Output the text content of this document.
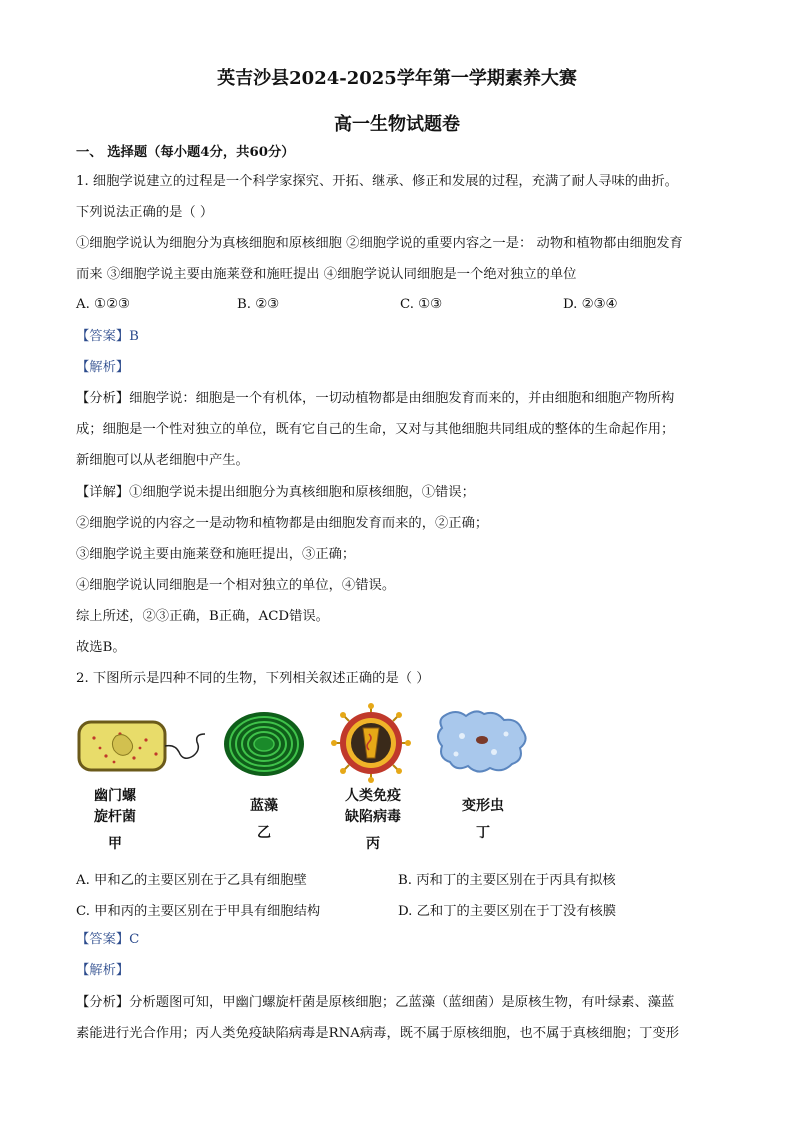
英吉沙县2024-2025学年第一学期素养大赛
高一生物试题卷
一、 选择题（每小题4分，共60分）
1. 细胞学说建立的过程是一个科学家探究、开拓、继承、修正和发展的过程，充满了耐人寻味的曲折。
下列说法正确的是（ ）
①细胞学说认为细胞分为真核细胞和原核细胞 ②细胞学说的重要内容之一是： 动物和植物都由细胞发育
而来 ③细胞学说主要由施莱登和施旺提出 ④细胞学说认同细胞是一个绝对独立的单位
A. ①②③	B. ②③	C. ①③	D. ②③④
【答案】B
【解析】
【分析】细胞学说：细胞是一个有机体，一切动植物都是由细胞发育而来的，并由细胞和细胞产物所构
成；细胞是一个性对独立的单位，既有它自己的生命，又对与其他细胞共同组成的整体的生命起作用；
新细胞可以从老细胞中产生。
【详解】①细胞学说未提出细胞分为真核细胞和原核细胞，①错误；
②细胞学说的内容之一是动物和植物都是由细胞发育而来的，②正确；
③细胞学说主要由施莱登和施旺提出，③正确；
④细胞学说认同细胞是一个相对独立的单位，④错误。
综上所述，②③正确，B正确，ACD错误。
故选B。
2. 下图所示是四种不同的生物，下列相关叙述正确的是（ ）
幽门螺
旋杆菌
甲
蓝藻
乙
人类免疫
缺陷病毒
丙
变形虫
丁
A. 甲和乙的主要区别在于乙具有细胞壁	B. 丙和丁的主要区别在于丙具有拟核
C. 甲和丙的主要区别在于甲具有细胞结构	D. 乙和丁的主要区别在于丁没有核膜
【答案】C
【解析】
【分析】分析题图可知，甲幽门螺旋杆菌是原核细胞；乙蓝藻（蓝细菌）是原核生物，有叶绿素、藻蓝
素能进行光合作用；丙人类免疫缺陷病毒是RNA病毒，既不属于原核细胞，也不属于真核细胞；丁变形
